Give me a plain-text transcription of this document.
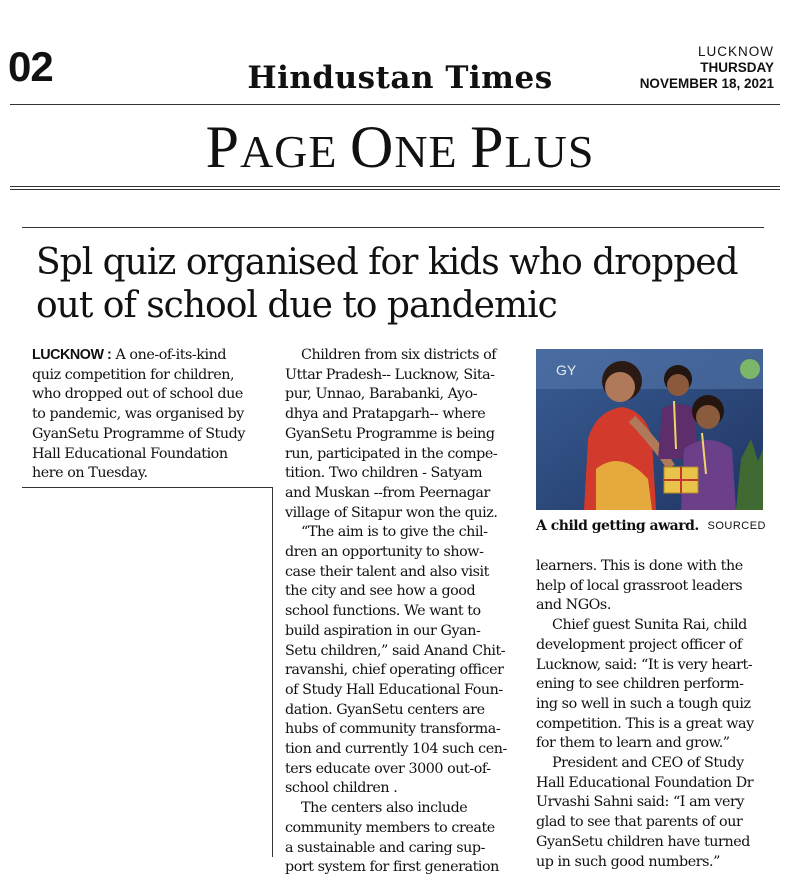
02	Hindustan Times
LUCKNOW
THURSDAY
NOVEMBER 18, 2021
PAGE ONE PLUS
Spl quiz organised for kids who dropped
out of school due to pandemic
LUCKNOW : A one-of-its-kind
quiz competition for children,
who dropped out of school due
to pandemic, was organised by
GyanSetu Programme of Study
Hall Educational Foundation
here on Tuesday.
Children from six districts of
Uttar Pradesh-- Lucknow, Sita-
pur, Unnao, Barabanki, Ayo-
dhya and Pratapgarh-- where
GyanSetu Programme is being
run, participated in the compe-
tition. Two children - Satyam
and Muskan --from Peernagar
village of Sitapur won the quiz.
“The aim is to give the chil-
dren an opportunity to show-
case their talent and also visit
the city and see how a good
school functions. We want to
build aspiration in our Gyan-
Setu children,” said Anand Chit-
ravanshi, chief operating officer
of Study Hall Educational Foun-
dation. GyanSetu centers are
hubs of community transforma-
tion and currently 104 such cen-
ters educate over 3000 out-of-
school children .
The centers also include
community members to create
a sustainable and caring sup-
port system for first generation
GY
A child getting award. SOURCED
learners. This is done with the
help of local grassroot leaders
and NGOs.
Chief guest Sunita Rai, child
development project officer of
Lucknow, said: “It is very heart-
ening to see children perform-
ing so well in such a tough quiz
competition. This is a great way
for them to learn and grow.”
President and CEO of Study
Hall Educational Foundation Dr
Urvashi Sahni said: “I am very
glad to see that parents of our
GyanSetu children have turned
up in such good numbers.”
